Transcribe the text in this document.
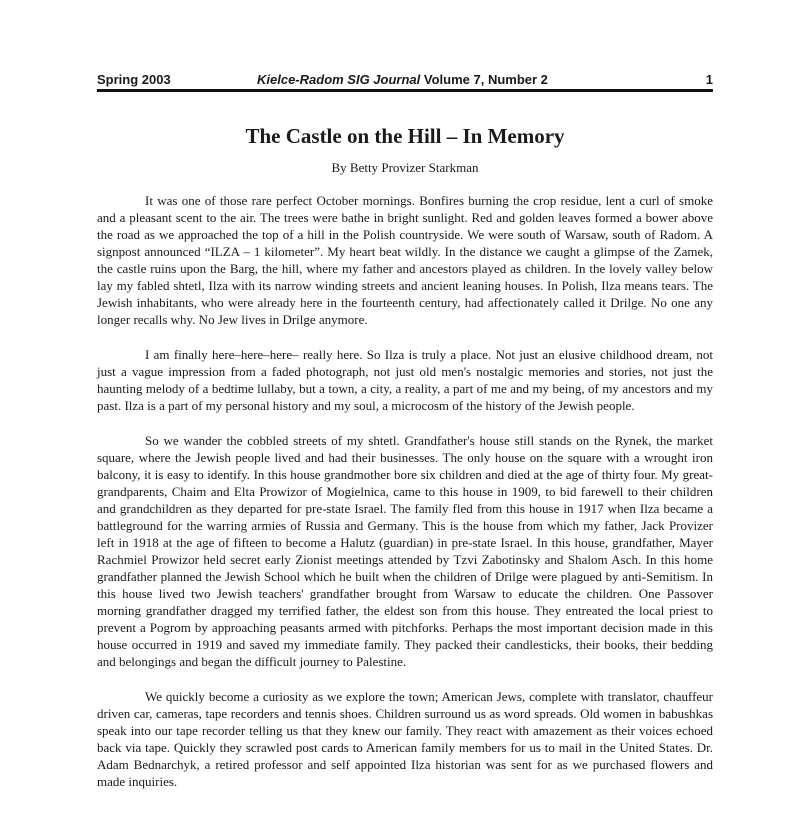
Spring 2003	Kielce-Radom SIG Journal Volume 7, Number 2	1
The Castle on the Hill – In Memory

By Betty Provizer Starkman

It was one of those rare perfect October mornings. Bonfires burning the crop residue, lent a curl of smoke and a pleasant scent to the air. The trees were bathe in bright sunlight. Red and golden leaves formed a bower above the road as we approached the top of a hill in the Polish countryside. We were south of Warsaw, south of Radom. A signpost announced “ILZA – 1 kilometer”. My heart beat wildly. In the distance we caught a glimpse of the Zamek, the castle ruins upon the Barg, the hill, where my father and ancestors played as children. In the lovely valley below lay my fabled shtetl, Ilza with its narrow winding streets and ancient leaning houses. In Polish, Ilza means tears. The Jewish inhabitants, who were already here in the fourteenth century, had affectionately called it Drilge. No one any longer recalls why. No Jew lives in Drilge anymore.

I am finally here–here–here– really here. So Ilza is truly a place. Not just an elusive childhood dream, not just a vague impression from a faded photograph, not just old men's nostalgic memories and stories, not just the haunting melody of a bedtime lullaby, but a town, a city, a reality, a part of me and my being, of my ancestors and my past. Ilza is a part of my personal history and my soul, a microcosm of the history of the Jewish people.

So we wander the cobbled streets of my shtetl. Grandfather's house still stands on the Rynek, the market square, where the Jewish people lived and had their businesses. The only house on the square with a wrought iron balcony, it is easy to identify. In this house grandmother bore six children and died at the age of thirty four. My great-grandparents, Chaim and Elta Prowizor of Mogielnica, came to this house in 1909, to bid farewell to their children and grandchildren as they departed for pre-state Israel. The family fled from this house in 1917 when Ilza became a battleground for the warring armies of Russia and Germany. This is the house from which my father, Jack Provizer left in 1918 at the age of fifteen to become a Halutz (guardian) in pre-state Israel. In this house, grandfather, Mayer Rachmiel Prowizor held secret early Zionist meetings attended by Tzvi Zabotinsky and Shalom Asch. In this home grandfather planned the Jewish School which he built when the children of Drilge were plagued by anti-Semitism. In this house lived two Jewish teachers' grandfather brought from Warsaw to educate the children. One Passover morning grandfather dragged my terrified father, the eldest son from this house. They entreated the local priest to prevent a Pogrom by approaching peasants armed with pitchforks. Perhaps the most important decision made in this house occurred in 1919 and saved my immediate family. They packed their candlesticks, their books, their bedding and belongings and began the difficult journey to Palestine.

We quickly become a curiosity as we explore the town; American Jews, complete with translator, chauffeur driven car, cameras, tape recorders and tennis shoes. Children surround us as word spreads. Old women in babushkas speak into our tape recorder telling us that they knew our family. They react with amazement as their voices echoed back via tape. Quickly they scrawled post cards to American family members for us to mail in the United States. Dr. Adam Bednarchyk, a retired professor and self appointed Ilza historian was sent for as we purchased flowers and made inquiries.
